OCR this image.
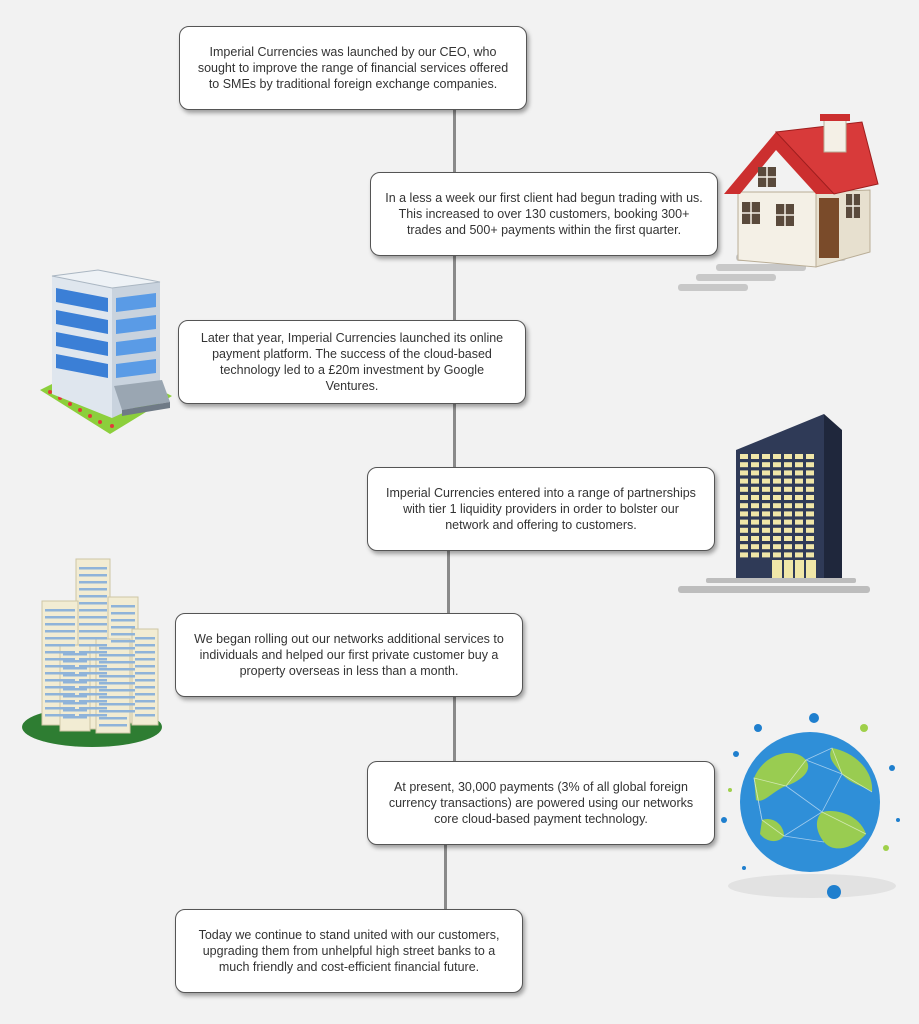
Imperial Currencies was launched by our CEO, who sought to improve the range of financial services offered to SMEs by traditional foreign exchange companies.
In a less a week our first client had begun trading with us. This increased to over 130 customers, booking 300+ trades and 500+ payments within the first quarter.
Later that year, Imperial Currencies launched its online payment platform. The success of the cloud-based technology led to a £20m investment by Google Ventures.
Imperial Currencies entered into a range of partnerships with tier 1 liquidity providers in order to bolster our network and offering to customers.
We began rolling out our networks additional services to individuals and helped our first private customer buy a property overseas in less than a month.
At present, 30,000 payments (3% of all global foreign currency transactions) are powered using our networks core cloud-based payment technology.
Today we continue to stand united with our customers, upgrading them from unhelpful high street banks to a much friendly and cost-efficient financial future.
